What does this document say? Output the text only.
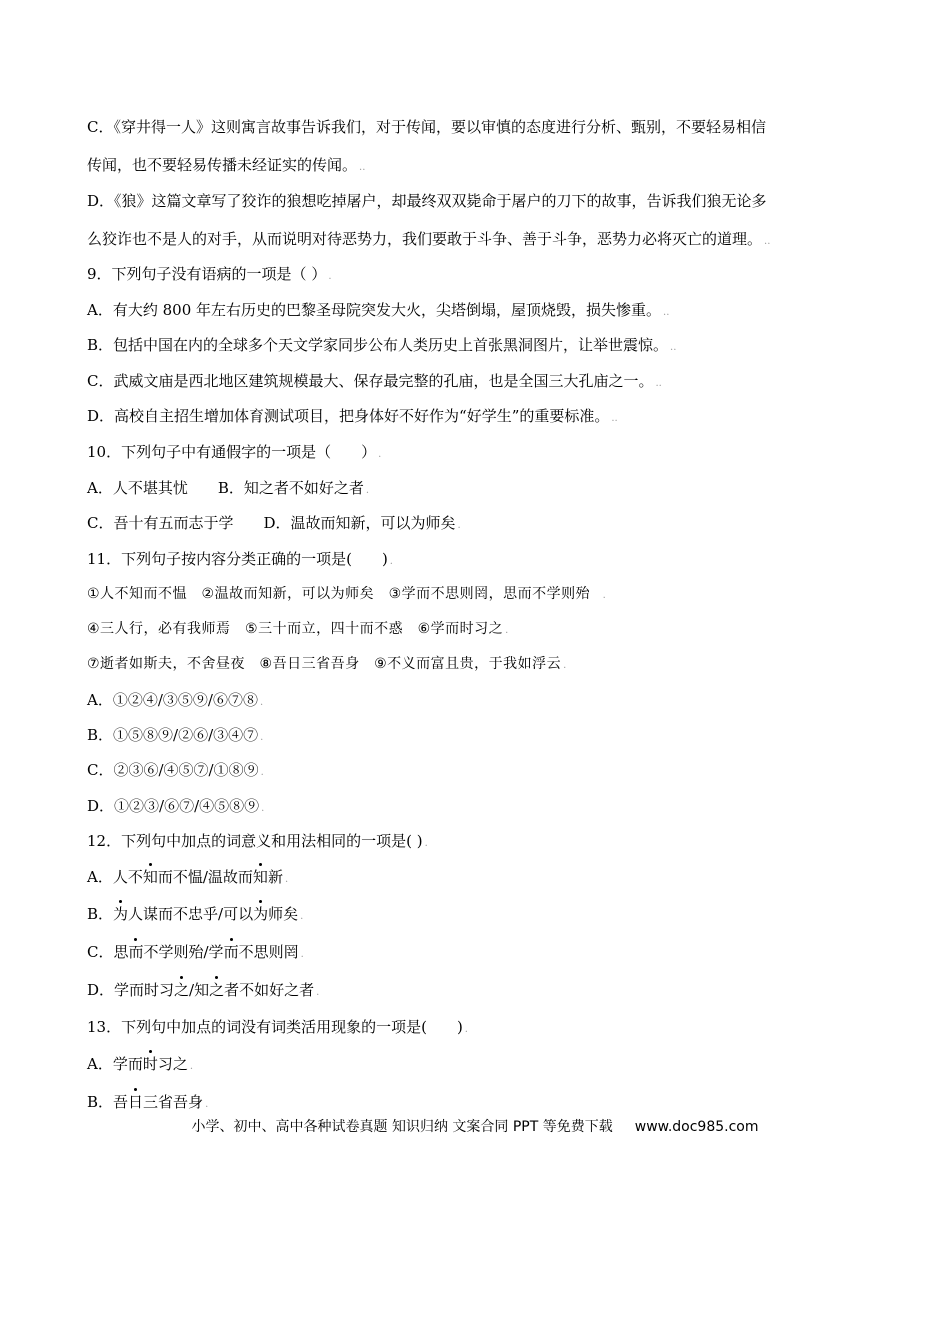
C．《穿井得一人》这则寓言故事告诉我们，对于传闻，要以审慎的态度进行分析、甄别，不要轻易相信
传闻，也不要轻易传播未经证实的传闻。 ..
D．《狼》这篇文章写了狡诈的狼想吃掉屠户，却最终双双毙命于屠户的刀下的故事，告诉我们狼无论多
么狡诈也不是人的对手，从而说明对待恶势力，我们要敢于斗争、善于斗争，恶势力必将灭亡的道理。 ..
9．下列句子没有语病的一项是（ ） .
A．有大约 800 年左右历史的巴黎圣母院突发大火，尖塔倒塌，屋顶烧毁，损失惨重。 ..
B．包括中国在内的全球多个天文学家同步公布人类历史上首张黑洞图片，让举世震惊。 ..
C．武威文庙是西北地区建筑规模最大、保存最完整的孔庙，也是全国三大孔庙之一。 ..
D．高校自主招生增加体育测试项目，把身体好不好作为“好学生”的重要标准。 ..
10．下列句子中有通假字的一项是（　　） .
A．人不堪其忧　　B．知之者不如好之者 .
C．吾十有五而志于学　　D．温故而知新，可以为师矣 .
11．下列句子按内容分类正确的一项是(　　) .
①人不知而不愠　②温故而知新，可以为师矣　③学而不思则罔，思而不学则殆　.
④三人行，必有我师焉　⑤三十而立，四十而不惑　⑥学而时习之 .
⑦逝者如斯夫，不舍昼夜　⑧吾日三省吾身　⑨不义而富且贵，于我如浮云 .
A．①②④/③⑤⑨/⑥⑦⑧ .
B．①⑤⑧⑨/②⑥/③④⑦ .
C．②③⑥/④⑤⑦/①⑧⑨ .
D．①②③/⑥⑦/④⑤⑧⑨ .
12．下列句中加点的词意义和用法相同的一项是( ) .
A．人不知而不愠/温故而知新 .
B．为人谋而不忠乎/可以为师矣 .
C．思而不学则殆/学而不思则罔 .
D．学而时习之/知之者不如好之者 .
13．下列句中加点的词没有词类活用现象的一项是(　　) .
A．学而时习之 .
B．吾日三省吾身 .
小学、初中、高中各种试卷真题 知识归纳 文案合同 PPT 等免费下载 www.doc985.com
